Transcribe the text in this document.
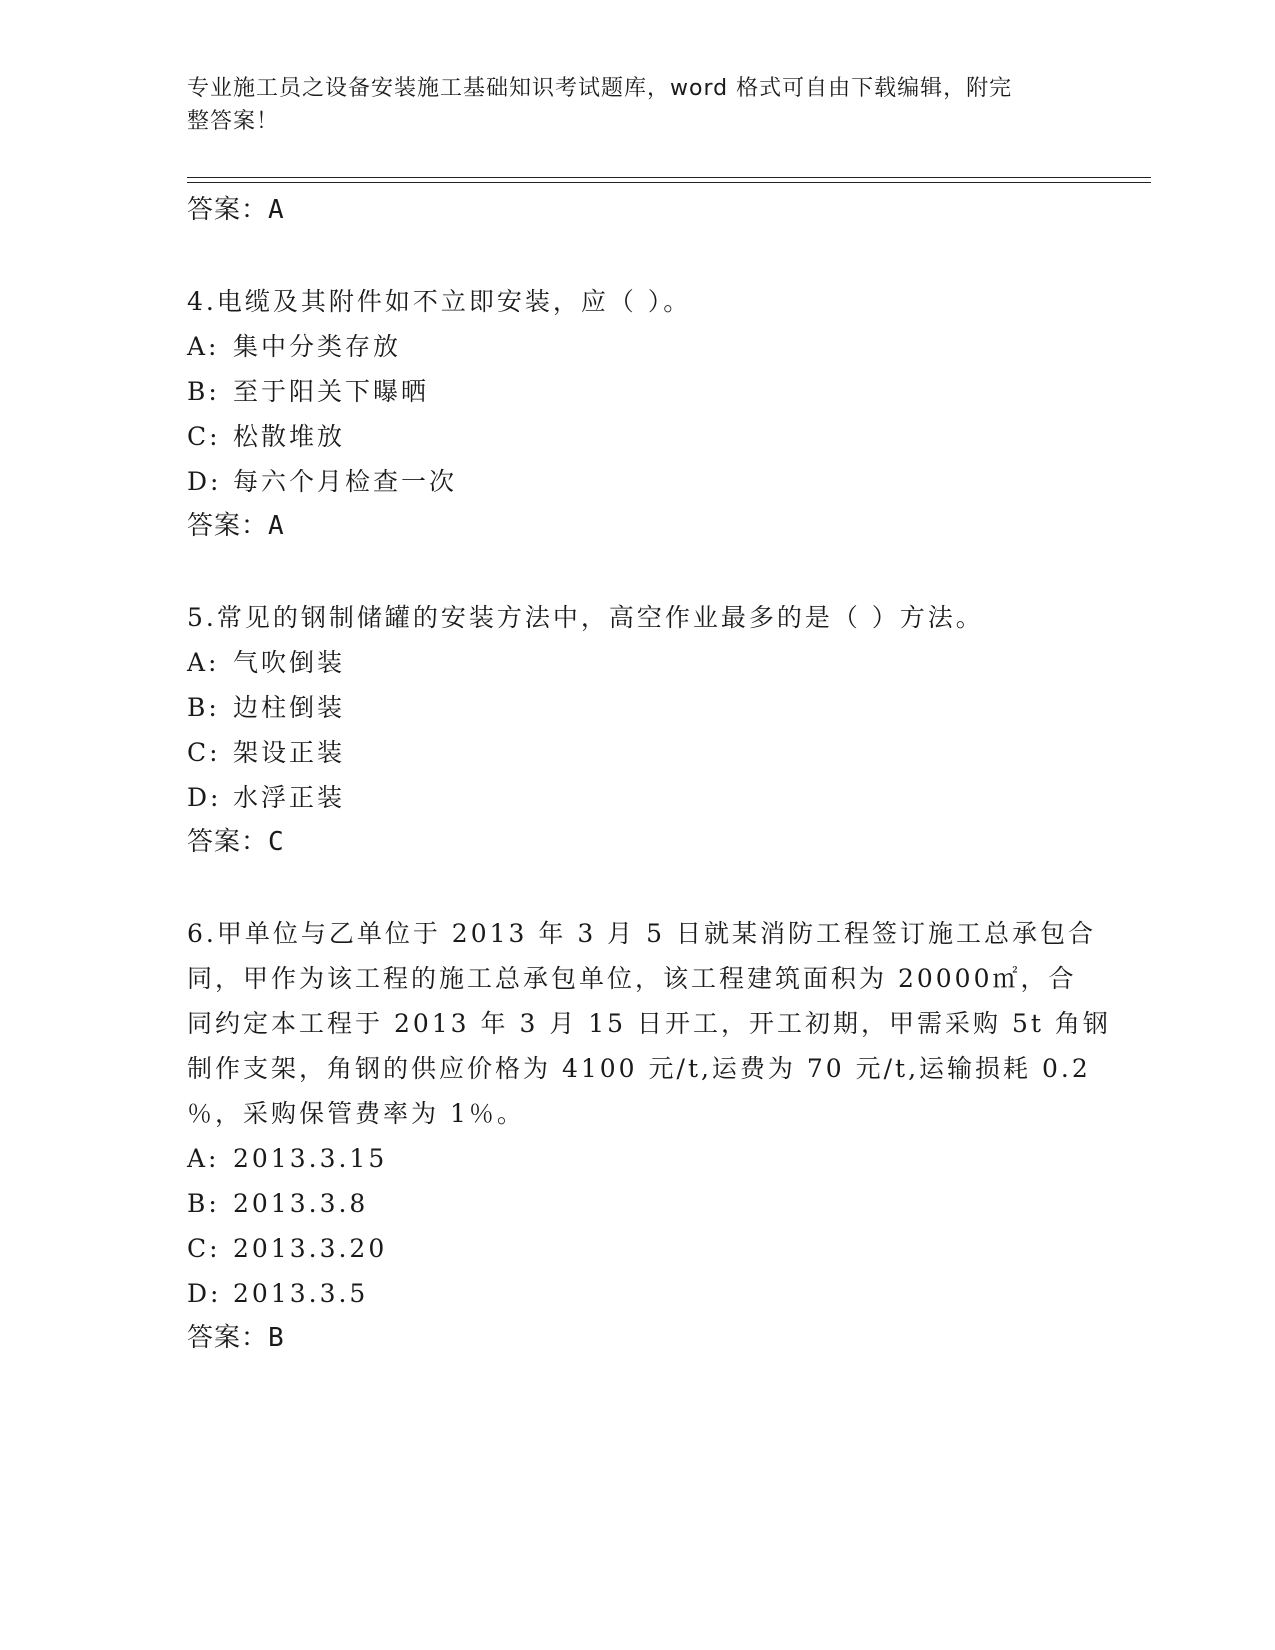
专业施工员之设备安装施工基础知识考试题库，word 格式可自由下载编辑，附完
整答案！
答案：A
4.电缆及其附件如不立即安装，应（ ）。
A: 集中分类存放
B: 至于阳关下曝晒
C: 松散堆放
D: 每六个月检查一次
答案：A
5.常见的钢制储罐的安装方法中，高空作业最多的是（ ）方法。
A: 气吹倒装
B: 边柱倒装
C: 架设正装
D: 水浮正装
答案：C
6.甲单位与乙单位于 2013 年 3 月 5 日就某消防工程签订施工总承包合
同，甲作为该工程的施工总承包单位，该工程建筑面积为 20000㎡，合
同约定本工程于 2013 年 3 月 15 日开工，开工初期，甲需采购 5t 角钢
制作支架，角钢的供应价格为 4100 元/t,运费为 70 元/t,运输损耗 0.2
％，采购保管费率为 1％。
A: 2013.3.15
B: 2013.3.8
C: 2013.3.20
D: 2013.3.5
答案：B
